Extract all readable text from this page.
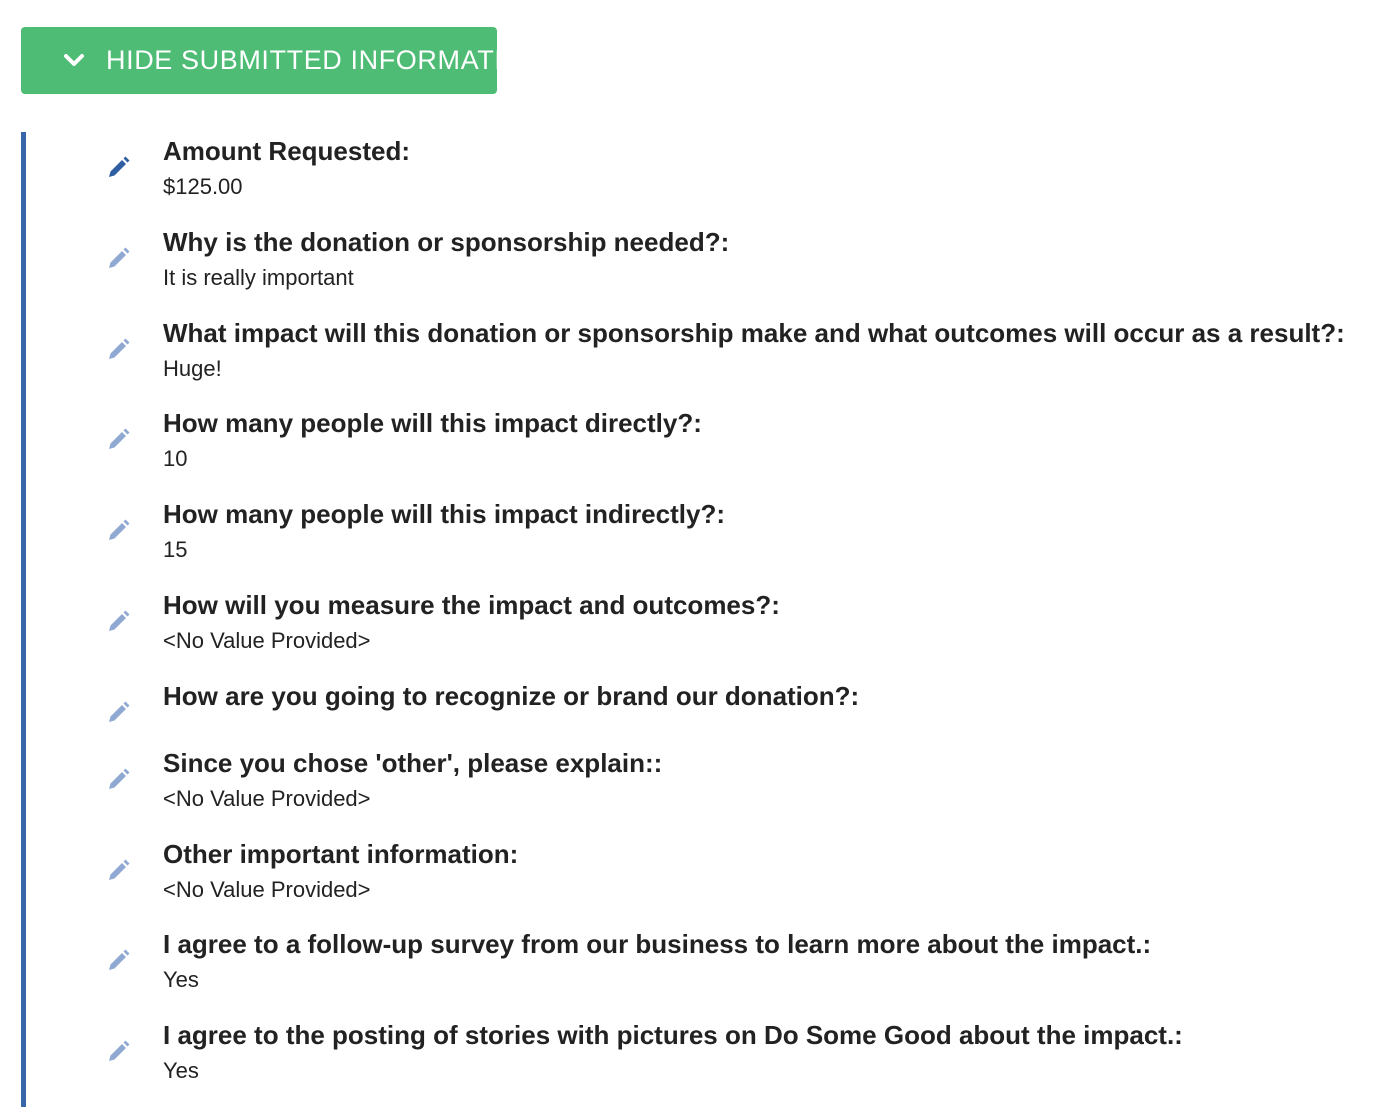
HIDE SUBMITTED INFORMATION
Amount Requested:
$125.00
Why is the donation or sponsorship needed?:
It is really important
What impact will this donation or sponsorship make and what outcomes will occur as a result?:
Huge!
How many people will this impact directly?:
10
How many people will this impact indirectly?:
15
How will you measure the impact and outcomes?:
<No Value Provided>
How are you going to recognize or brand our donation?:
Since you chose 'other', please explain::
<No Value Provided>
Other important information:
<No Value Provided>
I agree to a follow-up survey from our business to learn more about the impact.:
Yes
I agree to the posting of stories with pictures on Do Some Good about the impact.:
Yes
